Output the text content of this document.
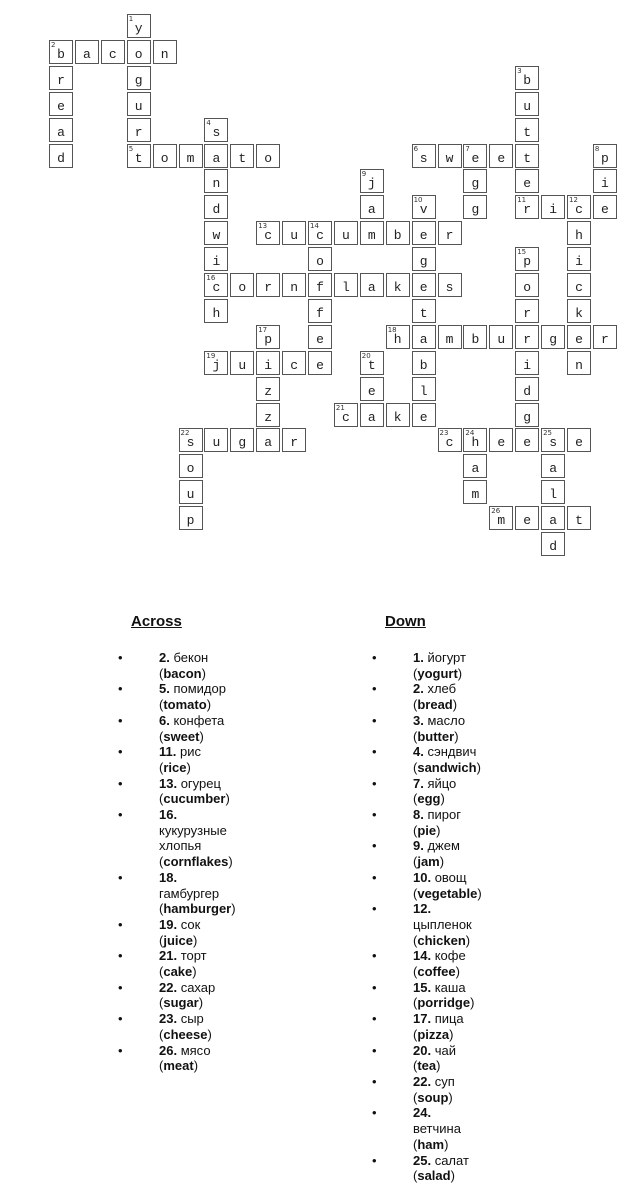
1
y
o
g
u
r
5
t
2
b	a	c	n
r
e
a
d
3
b
u
t
t
e
11
r
4
s
a
n
d
w
i
16
c
h
o	m	t	o
6
s	w
7
e	e
g
g
8
p
i
e
9
j
a
m
10
v
e
g
e
t
a
b
l
e
i
12
c
h
i
c
k
e
n
13
c	u
14
c	u	b	r
o
f
f
e
e
15
p
o
r
r
i
d
g
e
o	r	n	l	a	k	s
17
p
i
z
z
a
18
h	m	b	u	g	r
19
j	u	c
20
t
e
a
21
c	k
22
s	u	g	r
o
u
p
23
c
24
h	e
25
s	e
a
m
a
l
a
d
26
m	e	t
Across
•	2. бекон (bacon)
•	5. помидор (tomato)
•	6. конфета (sweet)
•	11. рис (rice)
•	13. огурец (cucumber)
•	16. кукурузные хлопья (cornflakes)
•	18. гамбургер (hamburger)
•	19. сок (juice)
•	21. торт (cake)
•	22. сахар (sugar)
•	23. сыр (cheese)
•	26. мясо (meat)
Down
•	1. йогурт (yogurt)
•	2. хлеб (bread)
•	3. масло (butter)
•	4. сэндвич (sandwich)
•	7. яйцо (egg)
•	8. пирог (pie)
•	9. джем (jam)
•	10. овощ (vegetable)
•	12. цыпленок (chicken)
•	14. кофе (coffee)
•	15. каша (porridge)
•	17. пица (pizza)
•	20. чай (tea)
•	22. суп (soup)
•	24. ветчина (ham)
•	25. салат (salad)
